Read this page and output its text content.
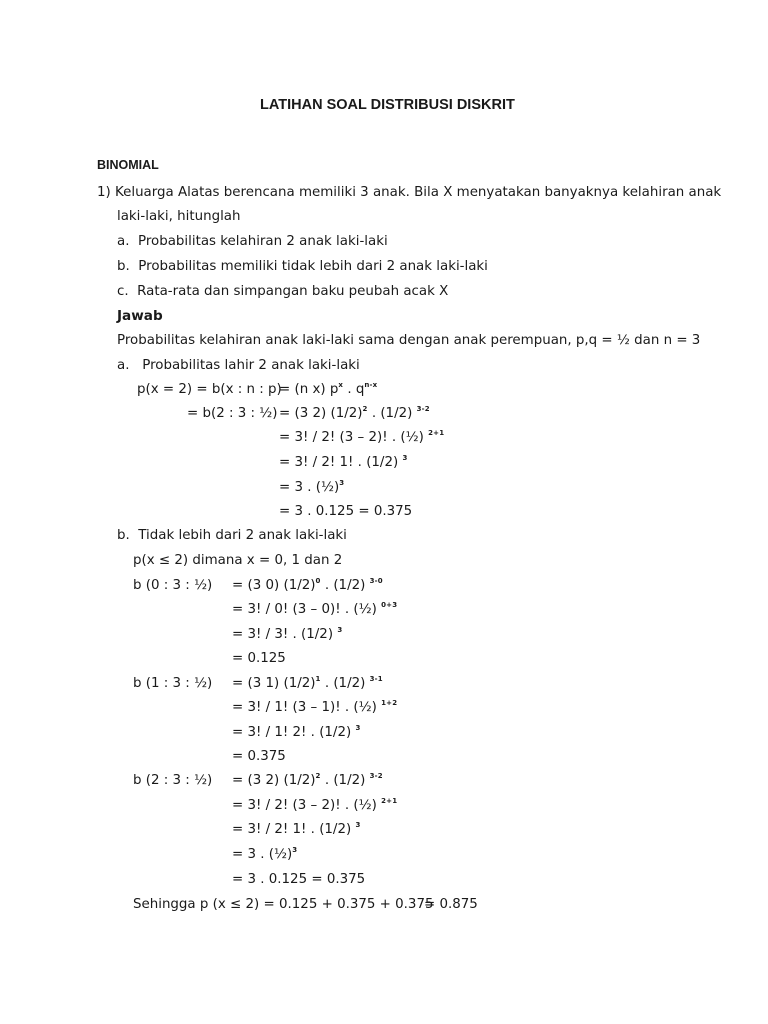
LATIHAN SOAL DISTRIBUSI DISKRIT
BINOMIAL
1) Keluarga Alatas berencana memiliki 3 anak. Bila X menyatakan banyaknya kelahiran anak
laki-laki, hitunglah
a.  Probabilitas kelahiran 2 anak laki-laki
b.  Probabilitas memiliki tidak lebih dari 2 anak laki-laki
c.  Rata-rata dan simpangan baku peubah acak X
Jawab
Probabilitas kelahiran anak laki-laki sama dengan anak perempuan, p,q = ½ dan n = 3
a.   Probabilitas lahir 2 anak laki-laki
p(x = 2) = b(x : n : p)
= (n x) $p^x$ . $q^{n-x}$
= b(2 : 3 : ½) = (3 2) $(1/2)^2$ . (1/2) $^{3-2}$
= 3! / 2! (3 – 2)! . (½) $^{2+1}$
= 3! / 2! 1! . (1/2) $^3$
= 3 . (½)$^3$
= 3 . 0.125 = 0.375
b.  Tidak lebih dari 2 anak laki-laki
p(x ≤ 2) dimana x = 0, 1 dan 2
b (0 : 3 : ½) = (3 0) $(1/2)^0$ . (1/2) $^{3-0}$
= 3! / 0! (3 – 0)! . (½) $^{0+3}$
= 3! / 3! . (1/2) $^3$
= 0.125
b (1 : 3 : ½) = (3 1) $(1/2)^1$ . (1/2) $^{3-1}$
= 3! / 1! (3 – 1)! . (½) $^{1+2}$
= 3! / 1! 2! . (1/2) $^3$
= 0.375
b (2 : 3 : ½) = (3 2) $(1/2)^2$ . (1/2) $^{3-2}$
= 3! / 2! (3 – 2)! . (½) $^{2+1}$
= 3! / 2! 1! . (1/2) $^3$
= 3 . (½)$^3$
= 3 . 0.125 = 0.375
Sehingga p (x ≤ 2) = 0.125 + 0.375 + 0.375
= 0.875
